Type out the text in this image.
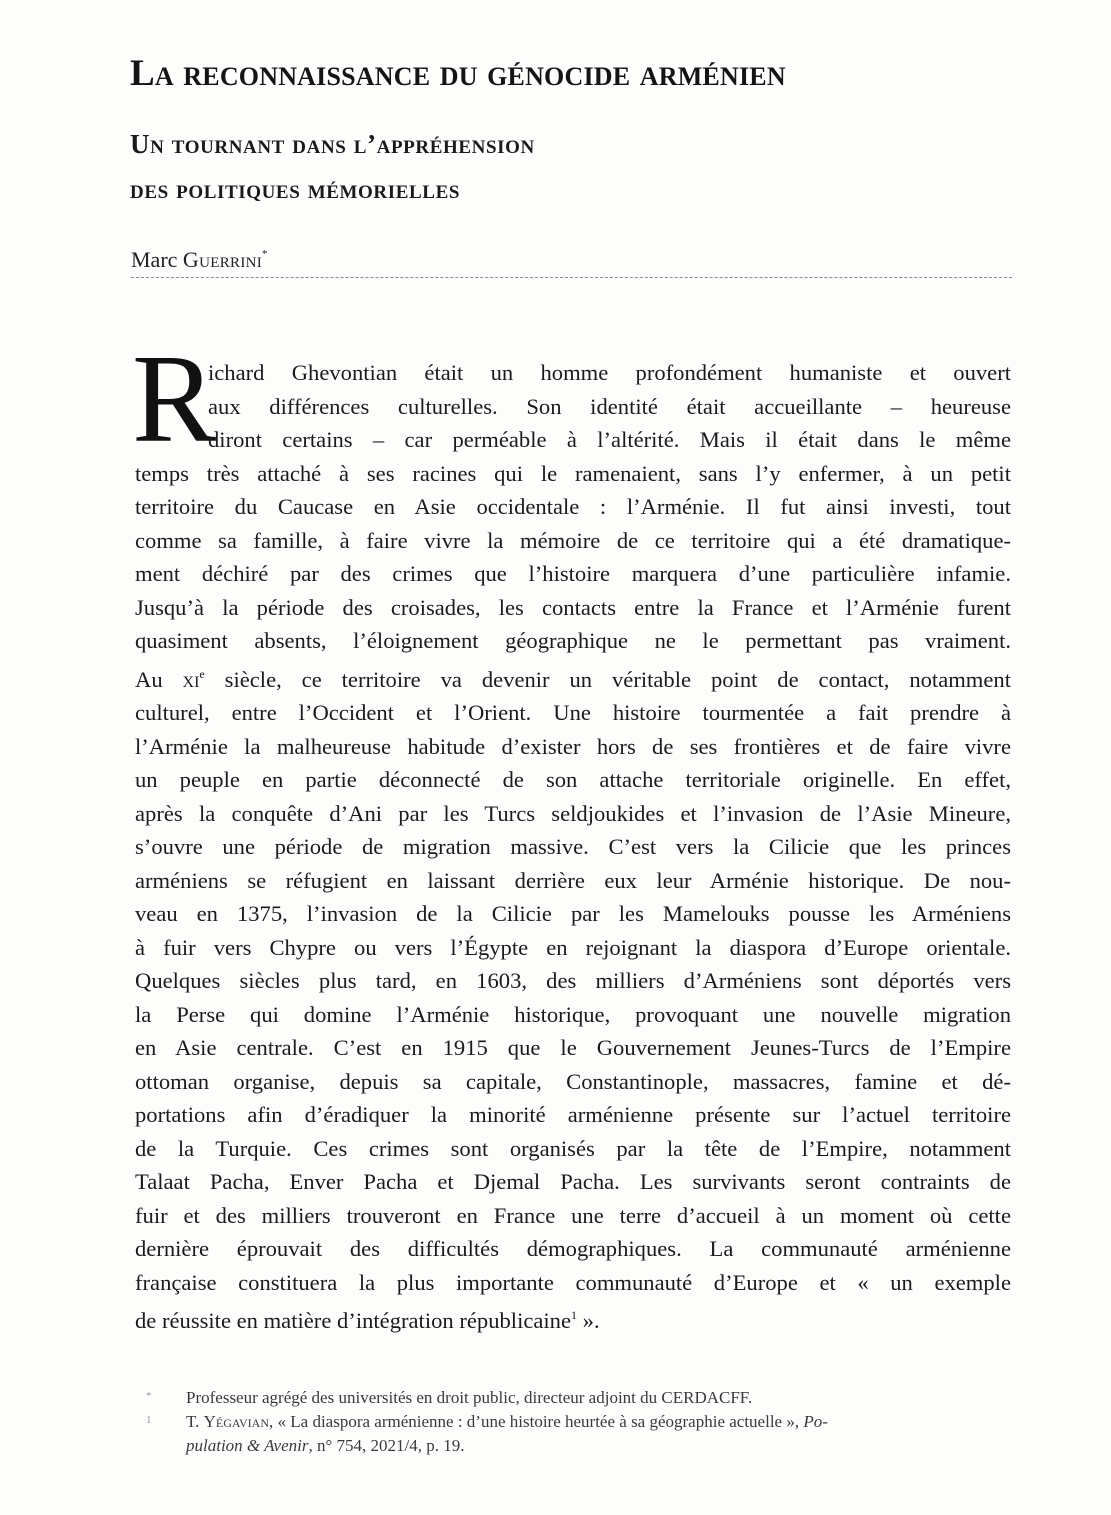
La reconnaissance du génocide arménien
Un tournant dans l’appréhension
des politiques mémorielles
Marc Guerrini*
R
ichard Ghevontian était un homme profondément humaniste et ouvert
aux différences culturelles. Son identité était accueillante – heureuse
diront certains – car perméable à l’altérité. Mais il était dans le même
temps très attaché à ses racines qui le ramenaient, sans l’y enfermer, à un petit
territoire du Caucase en Asie occidentale : l’Arménie. Il fut ainsi investi, tout
comme sa famille, à faire vivre la mémoire de ce territoire qui a été dramatique-
ment déchiré par des crimes que l’histoire marquera d’une particulière infamie.
Jusqu’à la période des croisades, les contacts entre la France et l’Arménie furent
quasiment absents, l’éloignement géographique ne le permettant pas vraiment.
Au $xi^e$ siècle, ce territoire va devenir un véritable point de contact, notamment
culturel, entre l’Occident et l’Orient. Une histoire tourmentée a fait prendre à
l’Arménie la malheureuse habitude d’exister hors de ses frontières et de faire vivre
un peuple en partie déconnecté de son attache territoriale originelle. En effet,
après la conquête d’Ani par les Turcs seldjoukides et l’invasion de l’Asie Mineure,
s’ouvre une période de migration massive. C’est vers la Cilicie que les princes
arméniens se réfugient en laissant derrière eux leur Arménie historique. De nou-
veau en 1375, l’invasion de la Cilicie par les Mamelouks pousse les Arméniens
à fuir vers Chypre ou vers l’Égypte en rejoignant la diaspora d’Europe orientale.
Quelques siècles plus tard, en 1603, des milliers d’Arméniens sont déportés vers
la Perse qui domine l’Arménie historique, provoquant une nouvelle migration
en Asie centrale. C’est en 1915 que le Gouvernement Jeunes-Turcs de l’Empire
ottoman organise, depuis sa capitale, Constantinople, massacres, famine et dé-
portations afin d’éradiquer la minorité arménienne présente sur l’actuel territoire
de la Turquie. Ces crimes sont organisés par la tête de l’Empire, notamment
Talaat Pacha, Enver Pacha et Djemal Pacha. Les survivants seront contraints de
fuir et des milliers trouveront en France une terre d’accueil à un moment où cette
dernière éprouvait des difficultés démographiques. La communauté arménienne
française constituera la plus importante communauté d’Europe et « un exemple
de réussite en matière d’intégration républicaine$^1$ ».
* Professeur agrégé des universités en droit public, directeur adjoint du CERDACFF.
1 T. Yégavian, « La diaspora arménienne : d’une histoire heurtée à sa géographie actuelle », Po-
pulation & Avenir, n° 754, 2021/4, p. 19.
